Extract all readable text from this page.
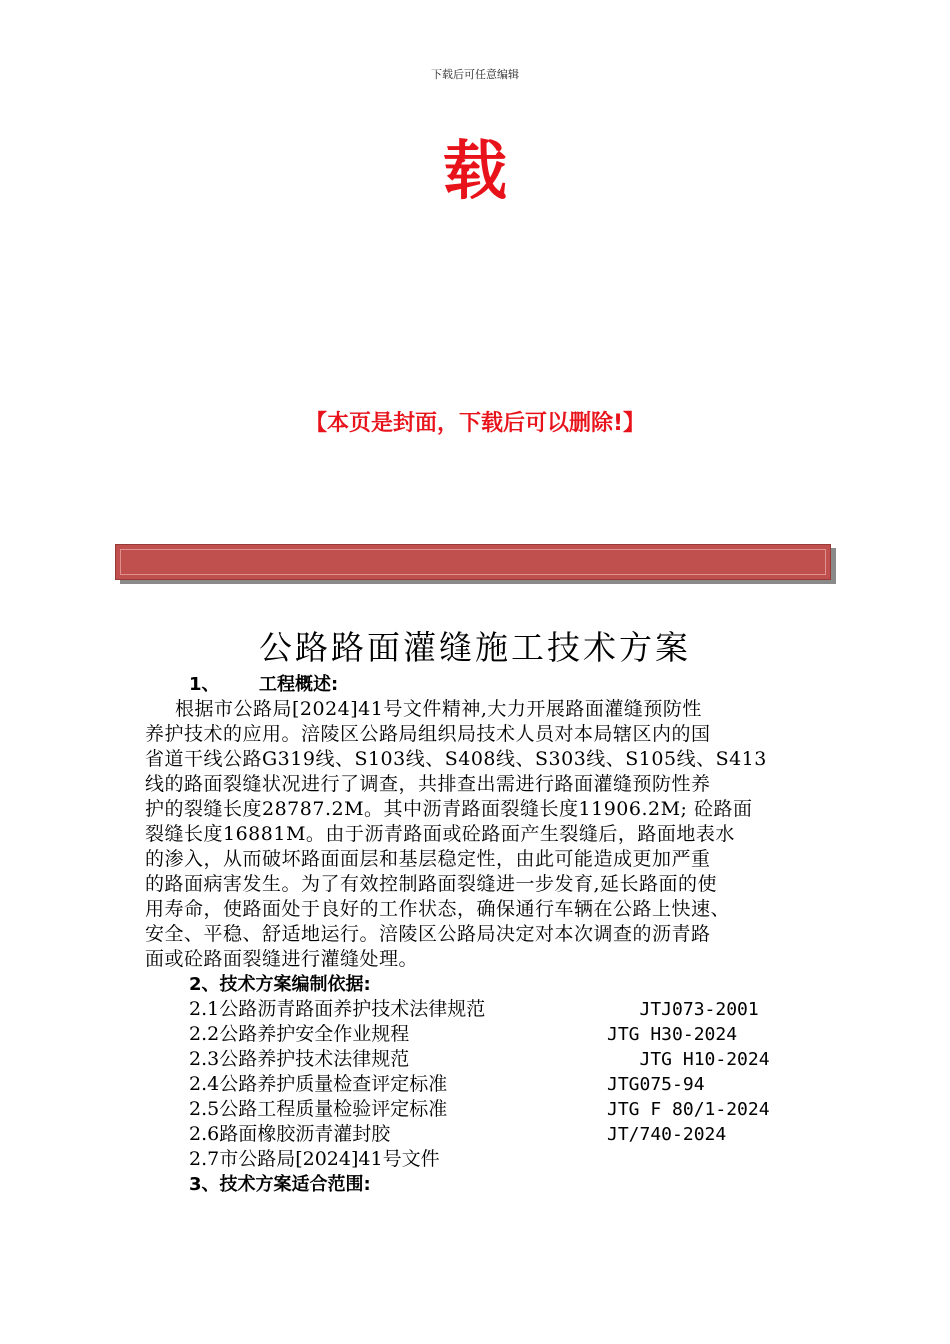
下载后可任意编辑
载
【本页是封面，下载后可以删除!】
公路路面灌缝施工技术方案
1、 工程概述:
根据市公路局[2024]41号文件精神,大力开展路面灌缝预防性
养护技术的应用。涪陵区公路局组织局技术人员对本局辖区内的国
省道干线公路G319线、S103线、S408线、S303线、S105线、S413
线的路面裂缝状况进行了调查，共排查出需进行路面灌缝预防性养
护的裂缝长度28787.2M。其中沥青路面裂缝长度11906.2M; 砼路面
裂缝长度16881M。由于沥青路面或砼路面产生裂缝后，路面地表水
的渗入，从而破坏路面面层和基层稳定性，由此可能造成更加严重
的路面病害发生。为了有效控制路面裂缝进一步发育,延长路面的使
用寿命，使路面处于良好的工作状态，确保通行车辆在公路上快速、
安全、平稳、舒适地运行。涪陵区公路局决定对本次调查的沥青路
面或砼路面裂缝进行灌缝处理。
2、技术方案编制依据:
2.1公路沥青路面养护技术法律规范	JTJ073-2001
2.2公路养护安全作业规程	JTG H30-2024
2.3公路养护技术法律规范	JTG H10-2024
2.4公路养护质量检查评定标准	JTG075-94
2.5公路工程质量检验评定标准	JTG F 80/1-2024
2.6路面橡胶沥青灌封胶	JT/740-2024
2.7市公路局[2024]41号文件
3、技术方案适合范围:
